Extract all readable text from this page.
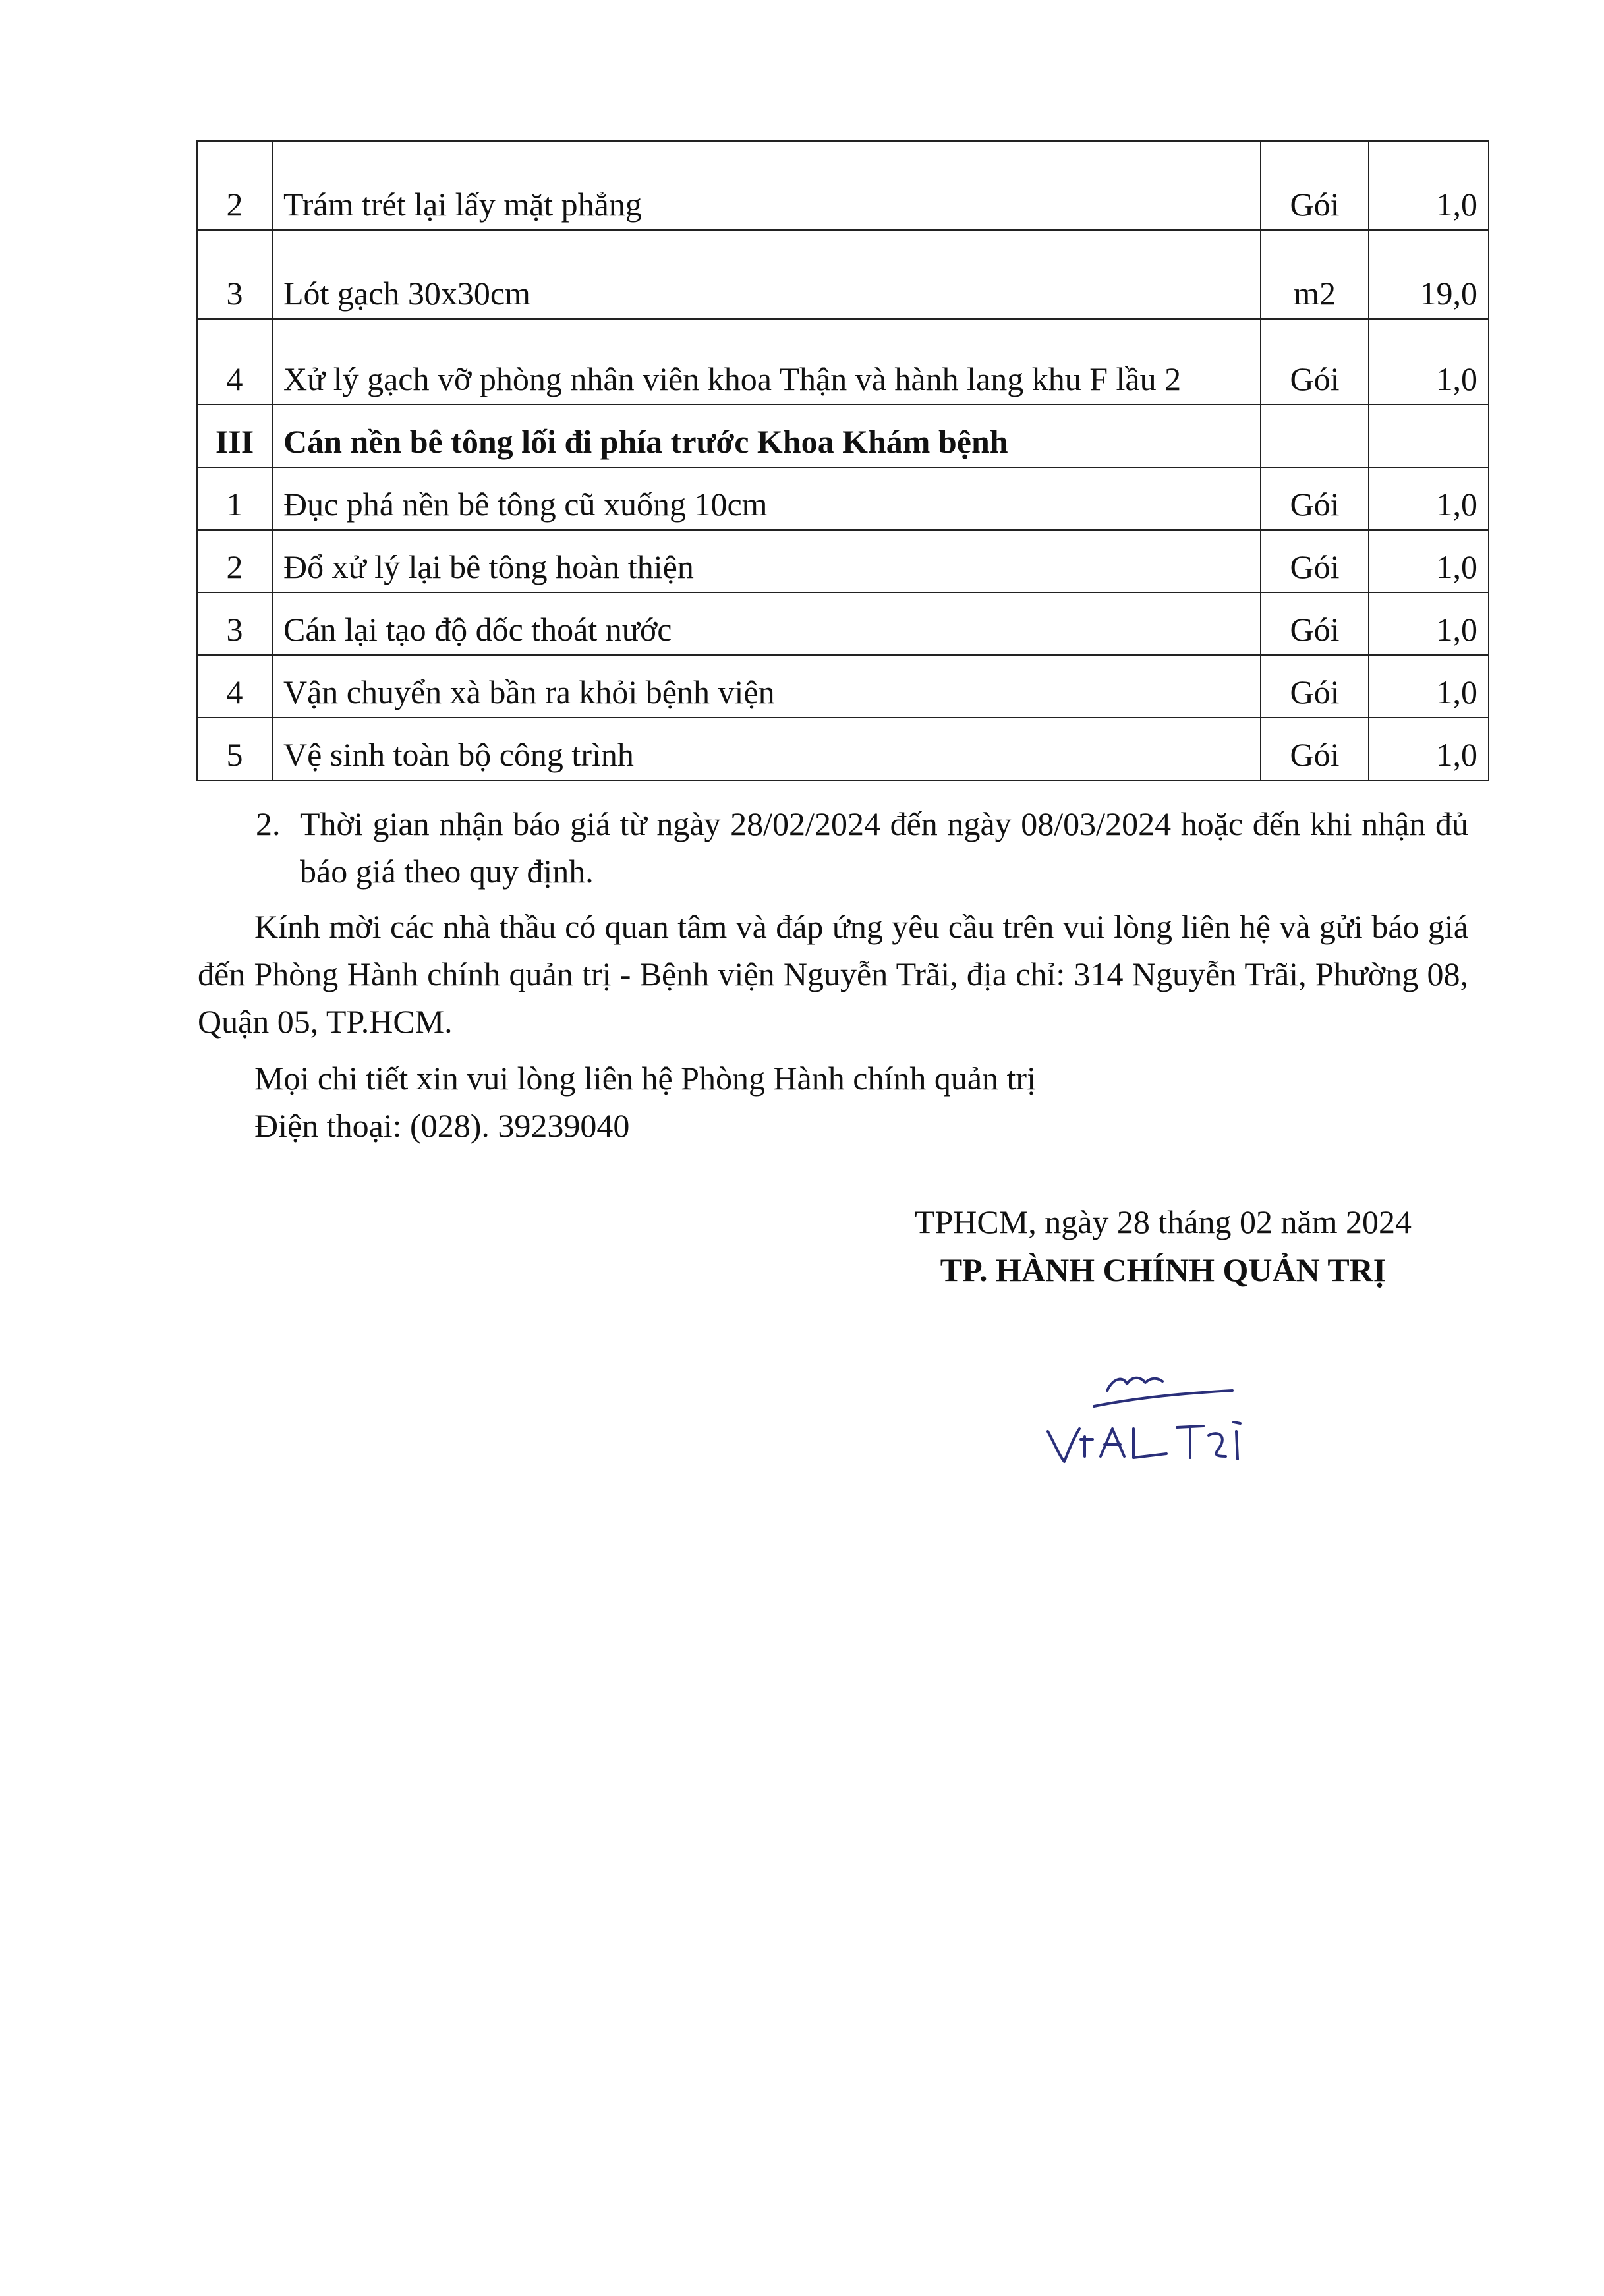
2	Trám trét lại lấy mặt phẳng	Gói	1,0
3	Lót gạch 30x30cm	m2	19,0
4	Xử lý gạch vỡ phòng nhân viên khoa Thận và hành lang khu F lầu 2	Gói	1,0
III	Cán nền bê tông lối đi phía trước Khoa Khám bệnh		
1	Đục phá nền bê tông cũ xuống 10cm	Gói	1,0
2	Đổ xử lý lại bê tông hoàn thiện	Gói	1,0
3	Cán lại tạo độ dốc thoát nước	Gói	1,0
4	Vận chuyển xà bần ra khỏi bệnh viện	Gói	1,0
5	Vệ sinh toàn bộ công trình	Gói	1,0
2. Thời gian nhận báo giá từ ngày 28/02/2024 đến ngày 08/03/2024 hoặc đến khi nhận đủ báo giá theo quy định.
Kính mời các nhà thầu có quan tâm và đáp ứng yêu cầu trên vui lòng liên hệ và gửi báo giá đến Phòng Hành chính quản trị - Bệnh viện Nguyễn Trãi, địa chỉ: 314 Nguyễn Trãi, Phường 08, Quận 05, TP.HCM.
Mọi chi tiết xin vui lòng liên hệ Phòng Hành chính quản trị
Điện thoại: (028). 39239040
TPHCM, ngày 28 tháng 02 năm 2024
TP. HÀNH CHÍNH QUẢN TRỊ
